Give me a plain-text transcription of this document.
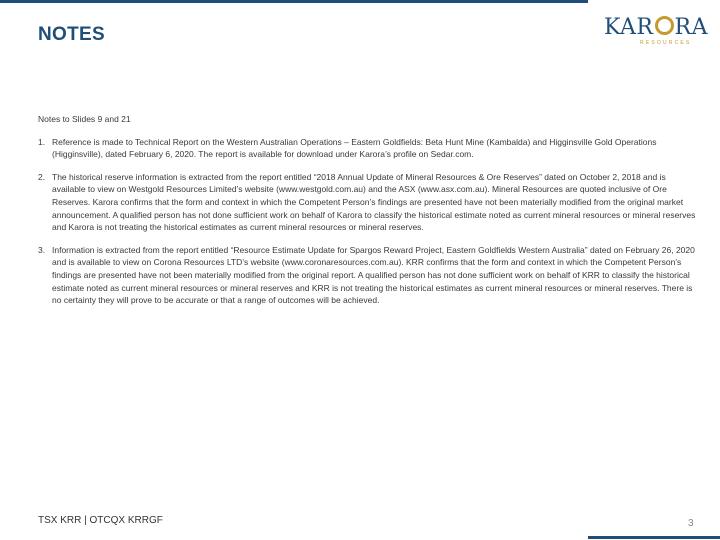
NOTES	KAR RA
RESOURCES
Notes to Slides 9 and 21
1. Reference is made to Technical Report on the Western Australian Operations – Eastern Goldfields: Beta Hunt Mine (Kambalda) and Higginsville Gold Operations (Higginsville), dated February 6, 2020. The report is available for download under Karora’s profile on Sedar.com.
2. The historical reserve information is extracted from the report entitled “2018 Annual Update of Mineral Resources & Ore Reserves” dated on October 2, 2018 and is available to view on Westgold Resources Limited’s website (www.westgold.com.au) and the ASX (www.asx.com.au). Mineral Resources are quoted inclusive of Ore Reserves. Karora confirms that the form and context in which the Competent Person’s findings are presented have not been materially modified from the original market announcement. A qualified person has not done sufficient work on behalf of Karora to classify the historical estimate noted as current mineral resources or mineral reserves and Karora is not treating the historical estimates as current mineral resources or mineral reserves.
3. Information is extracted from the report entitled “Resource Estimate Update for Spargos Reward Project, Eastern Goldfields Western Australia” dated on February 26, 2020 and is available to view on Corona Resources LTD’s website (www.coronaresources.com.au). KRR confirms that the form and context in which the Competent Person’s findings are presented have not been materially modified from the original report. A qualified person has not done sufficient work on behalf of KRR to classify the historical estimate noted as current mineral resources or mineral reserves and KRR is not treating the historical estimates as current mineral resources or mineral reserves. There is no certainty they will prove to be accurate or that a range of outcomes will be achieved.
TSX KRR | OTCQX KRRGF	3
